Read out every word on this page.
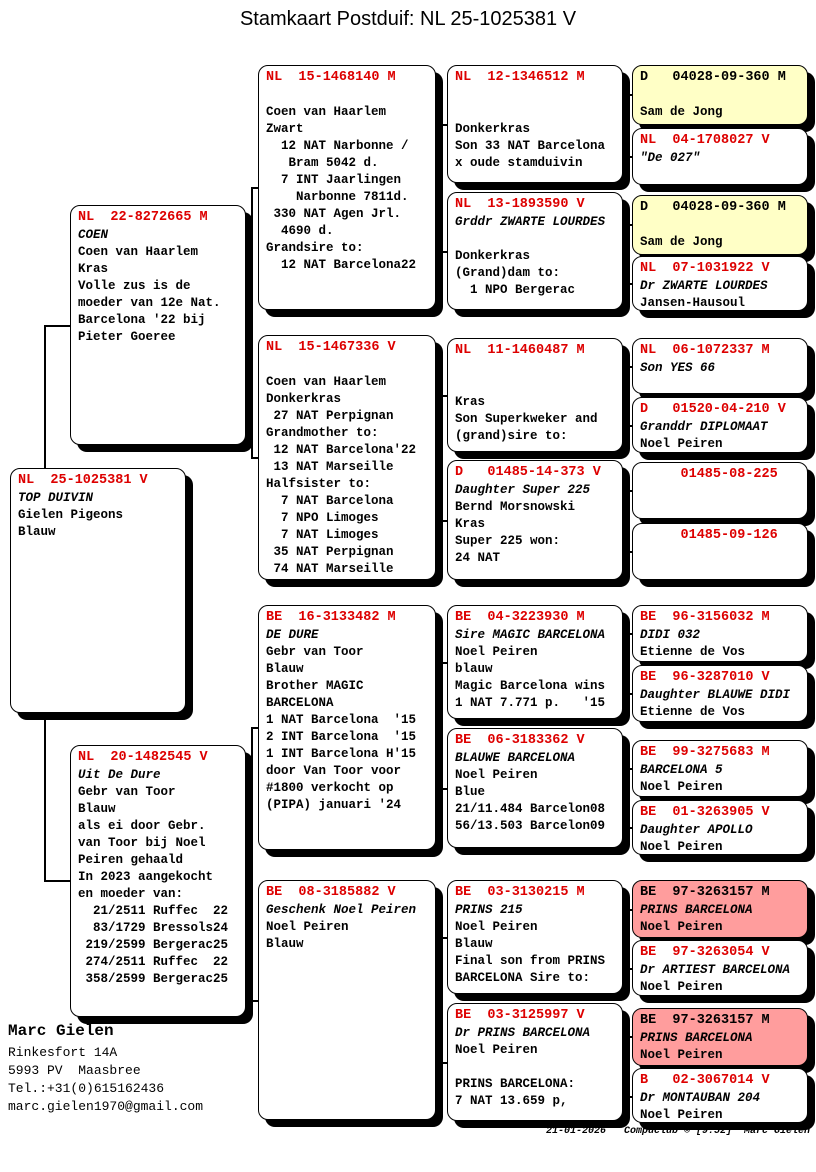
Stamkaart Postduif: NL 25-1025381 V
NL  25-1025381 V
TOP DUIVIN
Gielen Pigeons
Blauw
NL  22-8272665 M
COEN
Coen van Haarlem
Kras
Volle zus is de
moeder van 12e Nat.
Barcelona '22 bij
Pieter Goeree
NL  20-1482545 V
Uit De Dure
Gebr van Toor
Blauw
als ei door Gebr.
van Toor bij Noel
Peiren gehaald
In 2023 aangekocht
en moeder van:
21/2511 Ruffec  22
83/1729 Bressols24
219/2599 Bergerac25
274/2511 Ruffec  22
358/2599 Bergerac25
NL  15-1468140 M

Coen van Haarlem
Zwart
12 NAT Narbonne /
Bram 5042 d.
7 INT Jaarlingen
Narbonne 7811d.
330 NAT Agen Jrl.
4690 d.
Grandsire to:
12 NAT Barcelona22
NL  15-1467336 V

Coen van Haarlem
Donkerkras
27 NAT Perpignan
Grandmother to:
12 NAT Barcelona'22
13 NAT Marseille
Halfsister to:
7 NAT Barcelona
7 NPO Limoges
7 NAT Limoges
35 NAT Perpignan
74 NAT Marseille
BE  16-3133482 M
DE DURE
Gebr van Toor
Blauw
Brother MAGIC
BARCELONA
1 NAT Barcelona  '15
2 INT Barcelona  '15
1 INT Barcelona H'15
door Van Toor voor
#1800 verkocht op
(PIPA) januari '24
BE  08-3185882 V
Geschenk Noel Peiren
Noel Peiren
Blauw
NL  12-1346512 M

Donkerkras
Son 33 NAT Barcelona
x oude stamduivin
NL  13-1893590 V
Grddr ZWARTE LOURDES

Donkerkras
(Grand)dam to:
1 NPO Bergerac
NL  11-1460487 M

Kras
Son Superkweker and
(grand)sire to:
D   01485-14-373 V
Daughter Super 225
Bernd Morsnowski
Kras
Super 225 won:
24 NAT
BE  04-3223930 M
Sire MAGIC BARCELONA
Noel Peiren
blauw
Magic Barcelona wins
1 NAT 7.771 p.   '15
BE  06-3183362 V
BLAUWE BARCELONA
Noel Peiren
Blue
21/11.484 Barcelon08
56/13.503 Barcelon09
BE  03-3130215 M
PRINS 215
Noel Peiren
Blauw
Final son from PRINS
BARCELONA Sire to:
BE  03-3125997 V
Dr PRINS BARCELONA
Noel Peiren

PRINS BARCELONA:
7 NAT 13.659 p,
D   04028-09-360 M

Sam de Jong
NL  04-1708027 V
"De 027"
D   04028-09-360 M

Sam de Jong
NL  07-1031922 V
Dr ZWARTE LOURDES
Jansen-Hausoul
NL  06-1072337 M
Son YES 66
D   01520-04-210 V
Granddr DIPLOMAAT
Noel Peiren
01485-08-225
01485-09-126
BE  96-3156032 M
DIDI 032
Etienne de Vos
BE  96-3287010 V
Daughter BLAUWE DIDI
Etienne de Vos
BE  99-3275683 M
BARCELONA 5
Noel Peiren
BE  01-3263905 V
Daughter APOLLO
Noel Peiren
BE  97-3263157 M
PRINS BARCELONA
Noel Peiren
BE  97-3263054 V
Dr ARTIEST BARCELONA
Noel Peiren
BE  97-3263157 M
PRINS BARCELONA
Noel Peiren
B   02-3067014 V
Dr MONTAUBAN 204
Noel Peiren
Marc Gielen
Rinkesfort 14A
5993 PV  Maasbree
Tel.:+31(0)615162436
marc.gielen1970@gmail.com
21-01-2026   Compuclub © [9.52]  Marc Gielen
